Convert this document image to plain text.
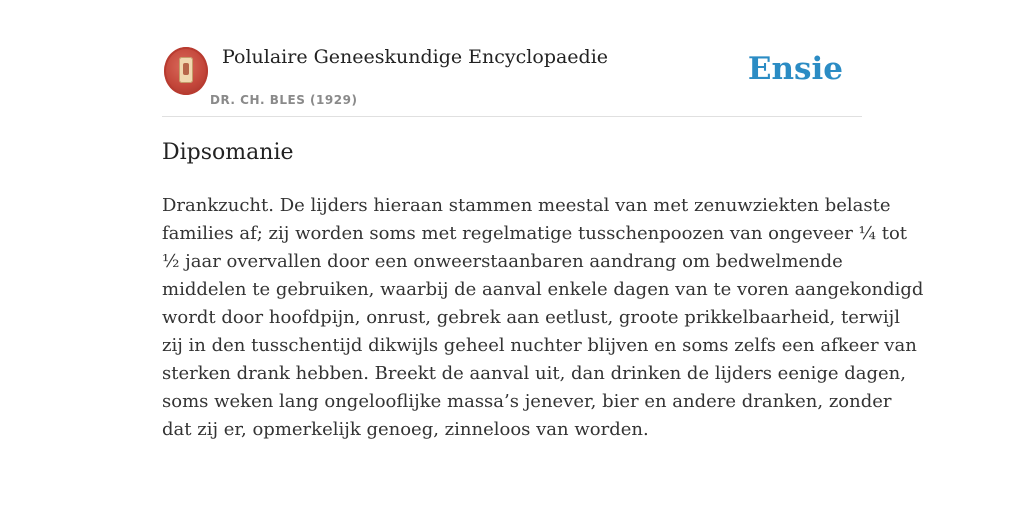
Polulaire Geneeskundige Encyclopaedie
DR. CH. BLES (1929)
Ensie
Dipsomanie

Drankzucht. De lijders hieraan stammen meestal van met zenuwziekten belaste
families af; zij worden soms met regelmatige tusschenpoozen van ongeveer ¼ tot
½ jaar overvallen door een onweerstaanbaren aandrang om bedwelmende
middelen te gebruiken, waarbij de aanval enkele dagen van te voren aangekondigd
wordt door hoofdpijn, onrust, gebrek aan eetlust, groote prikkelbaarheid, terwijl
zij in den tusschentijd dikwijls geheel nuchter blijven en soms zelfs een afkeer van
sterken drank hebben. Breekt de aanval uit, dan drinken de lijders eenige dagen,
soms weken lang ongelooflijke massa’s jenever, bier en andere dranken, zonder
dat zij er, opmerkelijk genoeg, zinneloos van worden.
